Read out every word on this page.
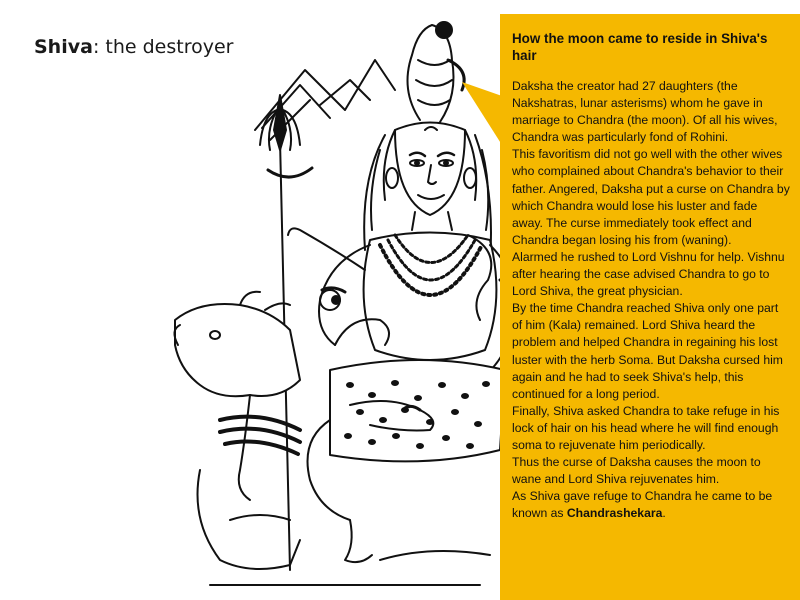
Shiva: the destroyer	How the moon came to reside in Shiva's hair

Daksha the creator had 27 daughters (the Nakshatras, lunar asterisms) whom he gave in marriage to Chandra (the moon). Of all his wives, Chandra was particularly fond of Rohini.

This favoritism did not go well with the other wives who complained about Chandra's behavior to their father. Angered, Daksha put a curse on Chandra by which Chandra would lose his luster and fade away. The curse immediately took effect and Chandra began losing his from (waning).

Alarmed he rushed to Lord Vishnu for help. Vishnu after hearing the case advised Chandra to go to Lord Shiva, the great physician.

By the time Chandra reached Shiva only one part of him (Kala) remained. Lord Shiva heard the problem and helped Chandra in regaining his lost luster with the herb Soma. But Daksha cursed him again and he had to seek Shiva's help, this continued for a long period.

Finally, Shiva asked Chandra to take refuge in his lock of hair on his head where he will find enough soma to rejuvenate him periodically.

Thus the curse of Daksha causes the moon to wane and Lord Shiva rejuvenates him.

As Shiva gave refuge to Chandra he came to be known as Chandrashekara.
